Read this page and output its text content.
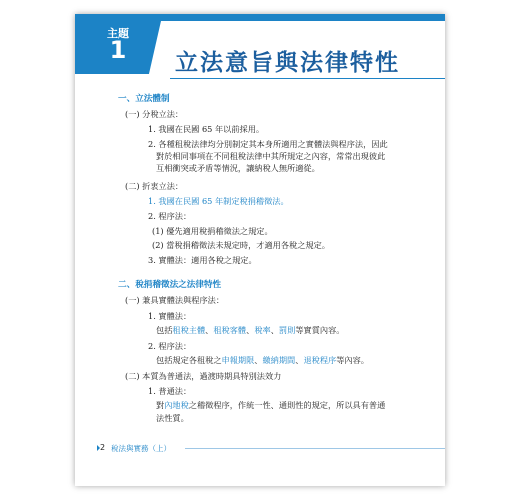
主題
1	立法意旨與法律特性
一、立法體制
(一) 分稅立法：
1. 我國在民國 65 年以前採用。
2. 各種租稅法律均分別制定其本身所適用之實體法與程序法，因此
對於相同事項在不同租稅法律中其所規定之內容，常常出現彼此
互相衝突或矛盾等情況，讓納稅人無所適從。
(二) 折衷立法：
1. 我國在民國 65 年制定稅捐稽徵法。
2. 程序法：
(1) 優先適用稅捐稽徵法之規定。
(2) 當稅捐稽徵法未規定時，才適用各稅之規定。
3. 實體法：適用各稅之規定。
二、稅捐稽徵法之法律特性
(一) 兼具實體法與程序法：
1. 實體法：
包括租稅主體、租稅客體、稅率、罰則等實質內容。
2. 程序法：
包括規定各租稅之申報期限、繳納期間、退稅程序等內容。
(二) 本質為普通法，過渡時期具特別法效力
1. 普通法：
對內地稅之稽徵程序，作統一性、通則性的規定，所以具有普通
法性質。
2 稅法與實務（上）
